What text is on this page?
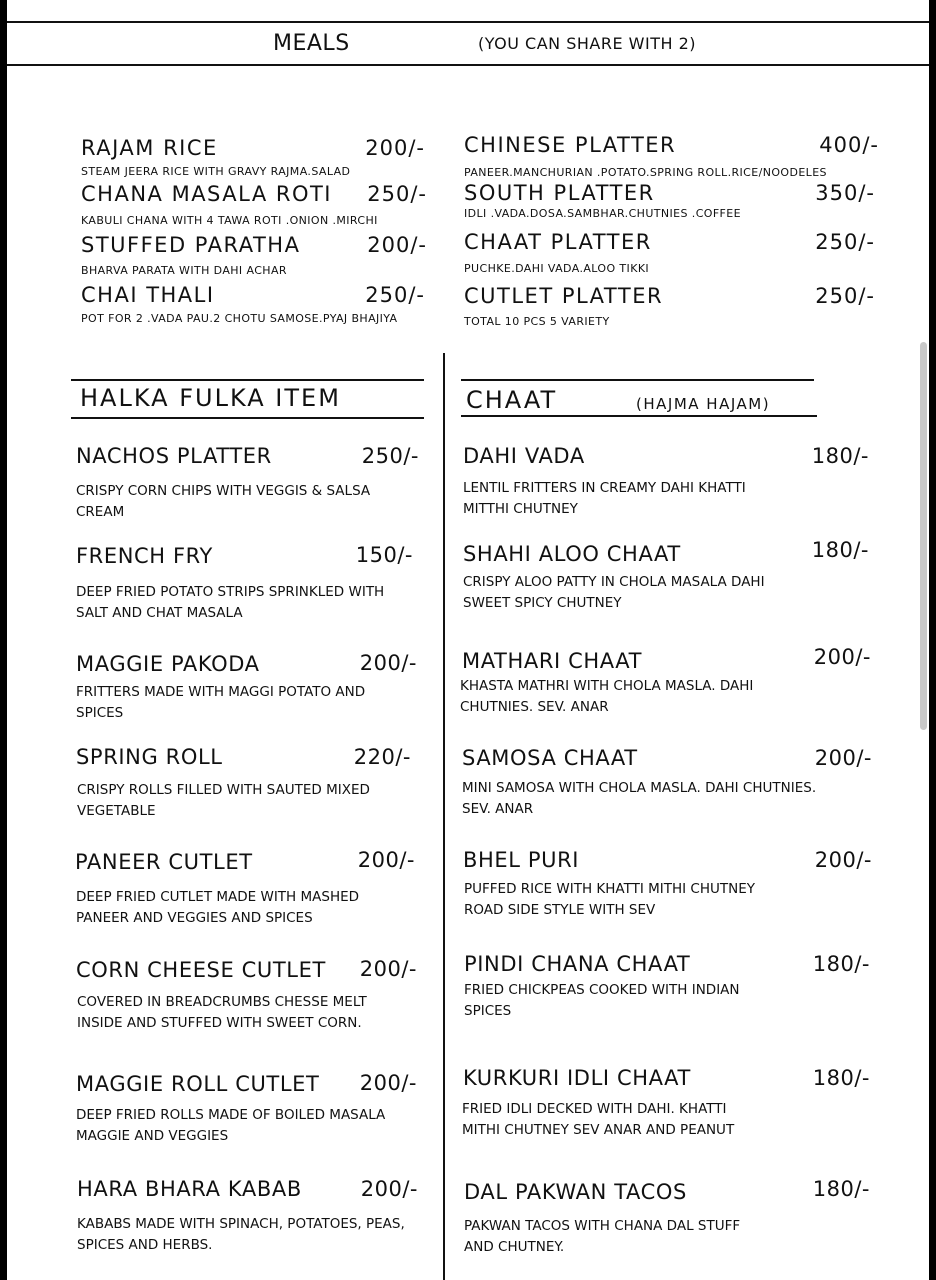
MEALS	(YOU CAN SHARE WITH 2)
RAJAM RICE	200/-
STEAM JEERA RICE WITH GRAVY RAJMA.SALAD
CHANA MASALA ROTI	250/-
KABULI CHANA WITH 4 TAWA ROTI .ONION .MIRCHI
STUFFED PARATHA	200/-
BHARVA PARATA WITH DAHI ACHAR
CHAI THALI	250/-
POT FOR 2 .VADA PAU.2 CHOTU SAMOSE.PYAJ BHAJIYA
CHINESE PLATTER	400/-
PANEER.MANCHURIAN .POTATO.SPRING ROLL.RICE/NOODELES
SOUTH PLATTER	350/-
IDLI .VADA.DOSA.SAMBHAR.CHUTNIES .COFFEE
CHAAT PLATTER	250/-
PUCHKE.DAHI VADA.ALOO TIKKI
CUTLET PLATTER	250/-
TOTAL 10 PCS 5 VARIETY
HALKA FULKA ITEM	CHAAT	(HAJMA HAJAM)
NACHOS PLATTER	250/-
CRISPY CORN CHIPS WITH VEGGIS & SALSA CREAM
FRENCH FRY	150/-
DEEP FRIED POTATO STRIPS SPRINKLED WITH SALT AND CHAT MASALA
MAGGIE PAKODA	200/-
FRITTERS MADE WITH MAGGI POTATO AND SPICES
SPRING ROLL	220/-
CRISPY ROLLS FILLED WITH SAUTED MIXED VEGETABLE
PANEER CUTLET	200/-
DEEP FRIED CUTLET MADE WITH MASHED PANEER AND VEGGIES AND SPICES
CORN CHEESE CUTLET	200/-
COVERED IN BREADCRUMBS CHESSE MELT INSIDE AND STUFFED WITH SWEET CORN.
MAGGIE ROLL CUTLET	200/-
DEEP FRIED ROLLS MADE OF BOILED MASALA MAGGIE AND VEGGIES
HARA BHARA KABAB	200/-
KABABS MADE WITH SPINACH, POTATOES, PEAS, SPICES AND HERBS.
DAHI VADA	180/-
LENTIL FRITTERS IN CREAMY DAHI KHATTI MITTHI CHUTNEY
SHAHI ALOO CHAAT	180/-
CRISPY ALOO PATTY IN CHOLA MASALA DAHI SWEET SPICY CHUTNEY
MATHARI CHAAT	200/-
KHASTA MATHRI WITH CHOLA MASLA. DAHI CHUTNIES. SEV. ANAR
SAMOSA CHAAT	200/-
MINI SAMOSA WITH CHOLA MASLA. DAHI CHUTNIES. SEV. ANAR
BHEL PURI	200/-
PUFFED RICE WITH KHATTI MITHI CHUTNEY ROAD SIDE STYLE WITH SEV
PINDI CHANA CHAAT	180/-
FRIED CHICKPEAS COOKED WITH INDIAN SPICES
KURKURI IDLI CHAAT	180/-
FRIED IDLI DECKED WITH DAHI. KHATTI MITHI CHUTNEY SEV ANAR AND PEANUT
DAL PAKWAN TACOS	180/-
PAKWAN TACOS WITH CHANA DAL STUFF AND CHUTNEY.
